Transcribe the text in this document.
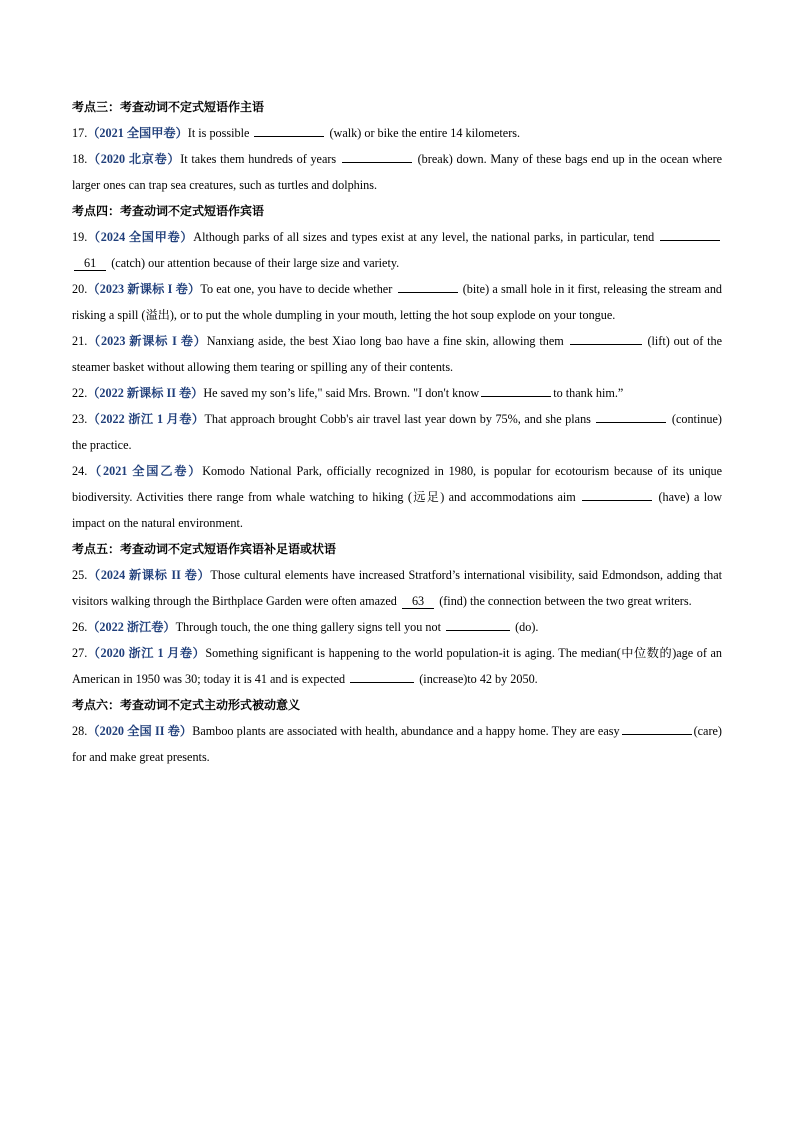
考点三：考查动词不定式短语作主语

17.（2021 全国甲卷）It is possible	(walk) or bike the entire 14 kilometers.

18.（2020 北京卷）It takes them hundreds of years	(break) down. Many of these bags end up in the ocean where larger ones can trap sea creatures, such as turtles and dolphins.

考点四：考查动词不定式短语作宾语

19.（2024 全国甲卷）Although parks of all sizes and types exist at any level, the national parks, in particular, tend  61 (catch) our attention because of their large size and variety.

20.（2023 新课标 I 卷）To eat one, you have to decide whether	(bite) a small hole in it first, releasing the stream and risking a spill (溢出), or to put the whole dumpling in your mouth, letting the hot soup explode on your tongue.

21.（2023 新课标 I 卷）Nanxiang aside, the best Xiao long bao have a fine skin, allowing them	(lift) out of the steamer basket without allowing them tearing or spilling any of their contents.

22.（2022 新课标 II 卷）He saved my son’s life," said Mrs. Brown. "I don't know	to thank him.”

23.（2022 浙江 1 月卷）That approach brought Cobb's air travel last year down by 75%, and she plans	(continue) the practice.

24.（2021 全国乙卷）Komodo National Park, officially recognized in 1980, is popular for ecotourism because of its unique biodiversity. Activities there range from whale watching to hiking (远足) and accommodations aim	(have) a low impact on the natural environment.

考点五：考查动词不定式短语作宾语补足语或状语

25.（2024 新课标 II 卷）Those cultural elements have increased Stratford’s international visibility, said Edmondson, adding that visitors walking through the Birthplace Garden were often amazed 63 (find) the connection between the two great writers.

26.（2022 浙江卷）Through touch, the one thing gallery signs tell you not	(do).

27.（2020 浙江 1 月卷）Something significant is happening to the world population-it is aging. The median(中位数的)age of an American in 1950 was 30; today it is 41 and is expected	(increase)to 42 by 2050.

考点六：考查动词不定式主动形式被动意义

28.（2020 全国 II 卷）Bamboo plants are associated with health, abundance and a happy home. They are easy	(care) for and make great presents.
